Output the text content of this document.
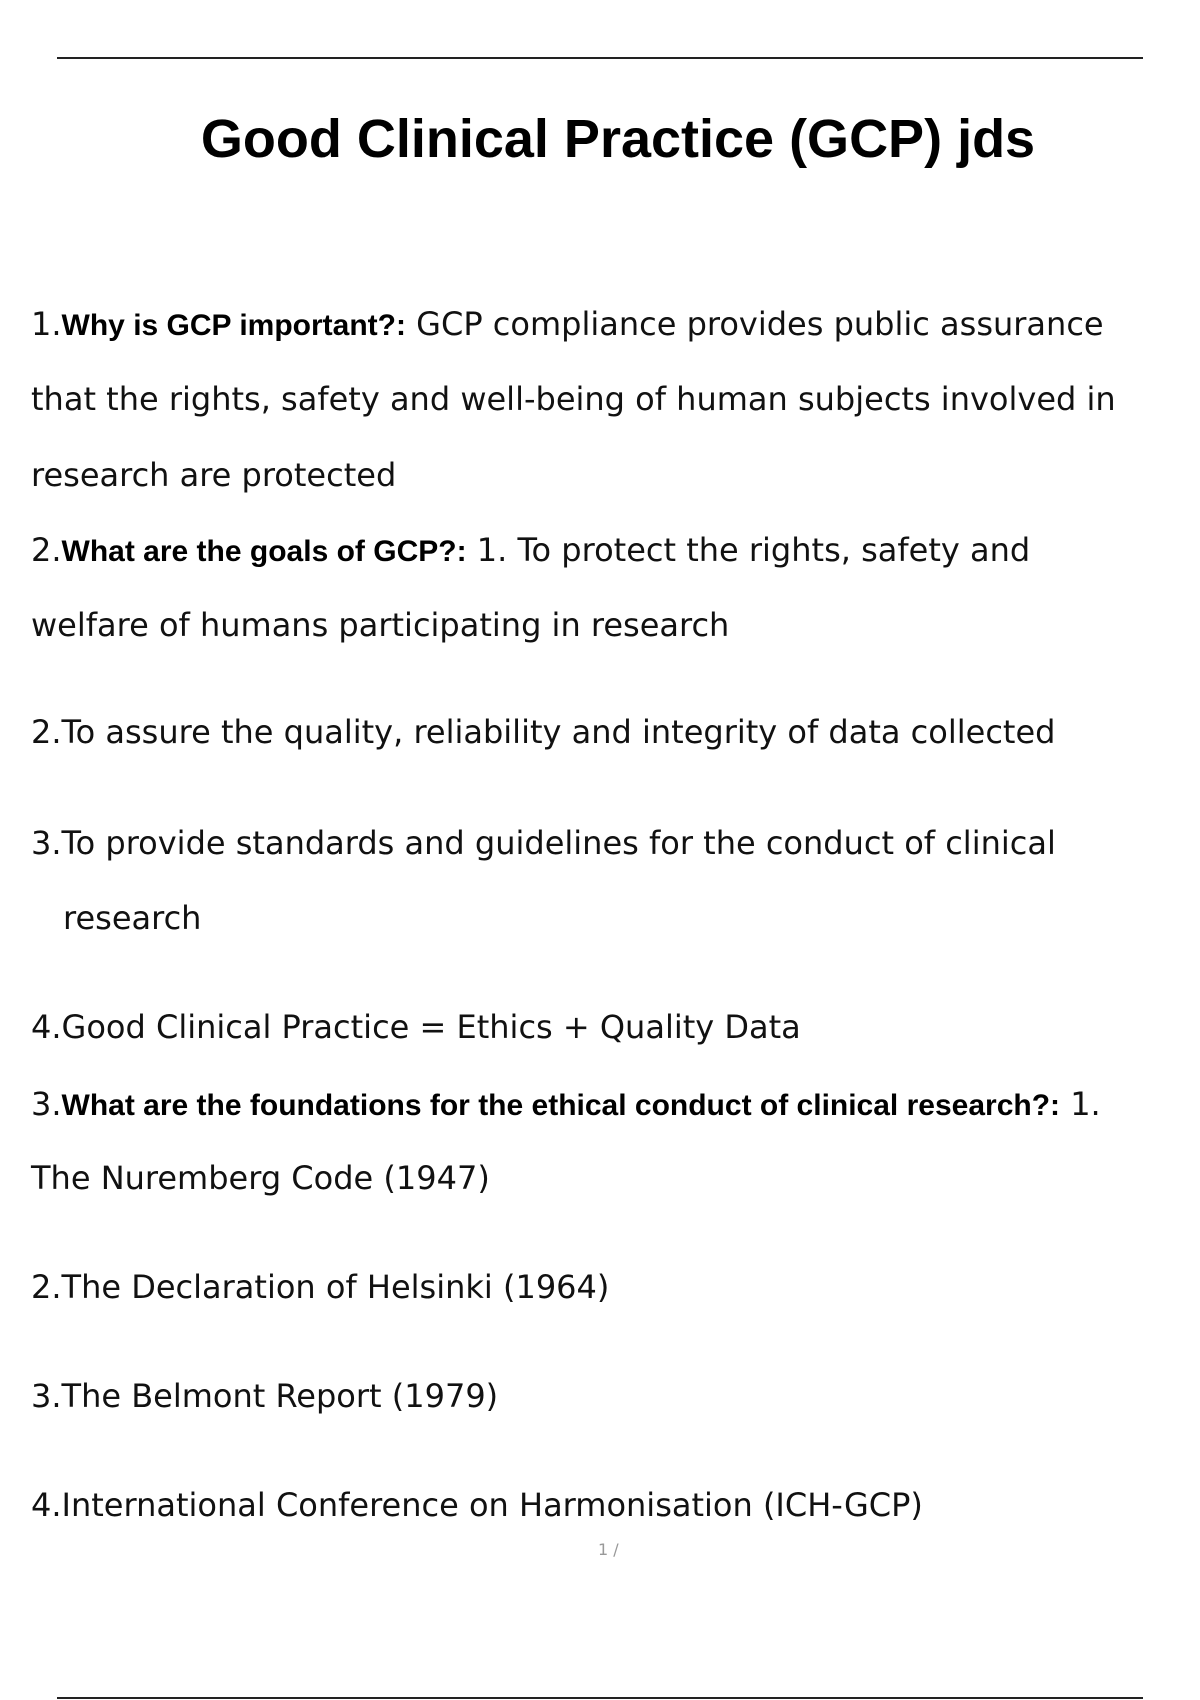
Good Clinical Practice (GCP) jds

1.Why is GCP important?: GCP compliance provides public assurance

that the rights, safety and well-being of human subjects involved in

research are protected

2.What are the goals of GCP?: 1. To protect the rights, safety and

welfare of humans participating in research

2.To assure the quality, reliability and integrity of data collected

3.To provide standards and guidelines for the conduct of clinical

research

4.Good Clinical Practice = Ethics + Quality Data

3.What are the foundations for the ethical conduct of clinical research?: 1.

The Nuremberg Code (1947)

2.The Declaration of Helsinki (1964)

3.The Belmont Report (1979)

4.International Conference on Harmonisation (ICH-GCP)

1 /
